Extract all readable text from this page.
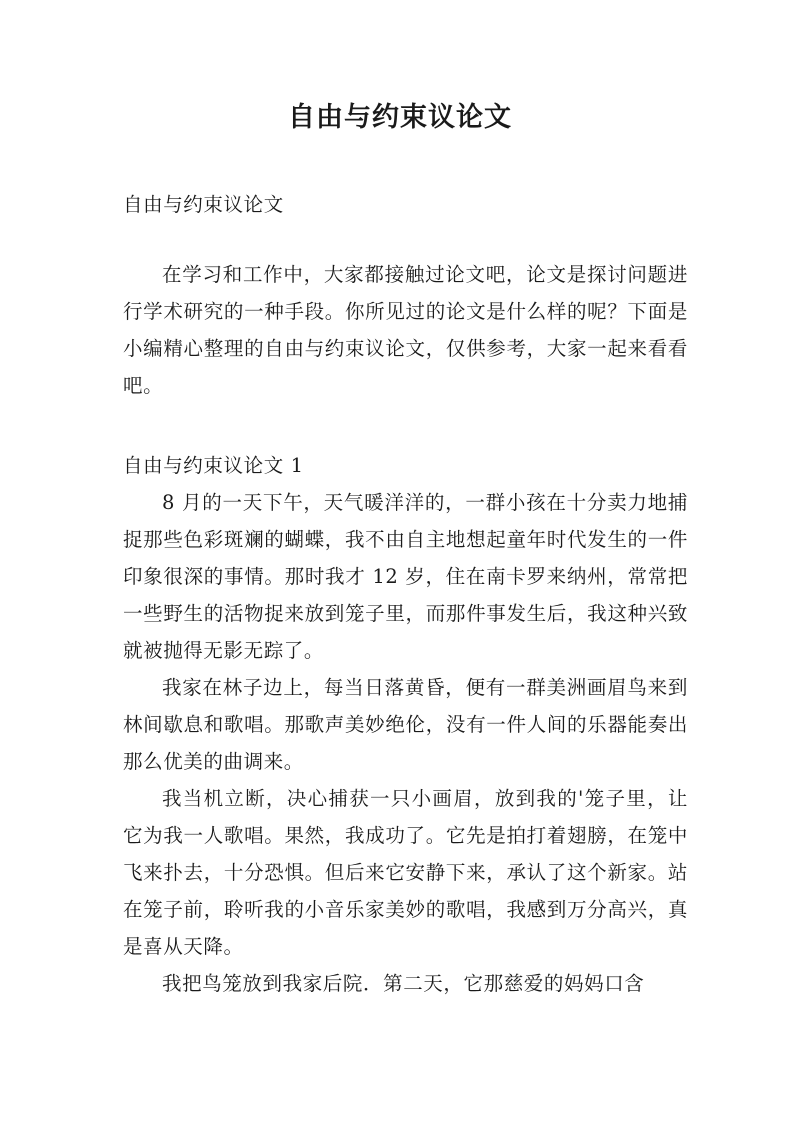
自由与约束议论文
自由与约束议论文

在学习和工作中，大家都接触过论文吧，论文是探讨问题进行学术研究的一种手段。你所见过的论文是什么样的呢？下面是小编精心整理的自由与约束议论文，仅供参考，大家一起来看看吧。

自由与约束议论文 1

8 月的一天下午，天气暖洋洋的，一群小孩在十分卖力地捕捉那些色彩斑斓的蝴蝶，我不由自主地想起童年时代发生的一件印象很深的事情。那时我才 12 岁，住在南卡罗来纳州，常常把一些野生的活物捉来放到笼子里，而那件事发生后，我这种兴致就被抛得无影无踪了。

我家在林子边上，每当日落黄昏，便有一群美洲画眉鸟来到林间歇息和歌唱。那歌声美妙绝伦，没有一件人间的乐器能奏出那么优美的曲调来。

我当机立断，决心捕获一只小画眉，放到我的'笼子里，让它为我一人歌唱。果然，我成功了。它先是拍打着翅膀，在笼中飞来扑去，十分恐惧。但后来它安静下来，承认了这个新家。站在笼子前，聆听我的小音乐家美妙的歌唱，我感到万分高兴，真是喜从天降。

我把鸟笼放到我家后院．第二天，它那慈爱的妈妈口含
